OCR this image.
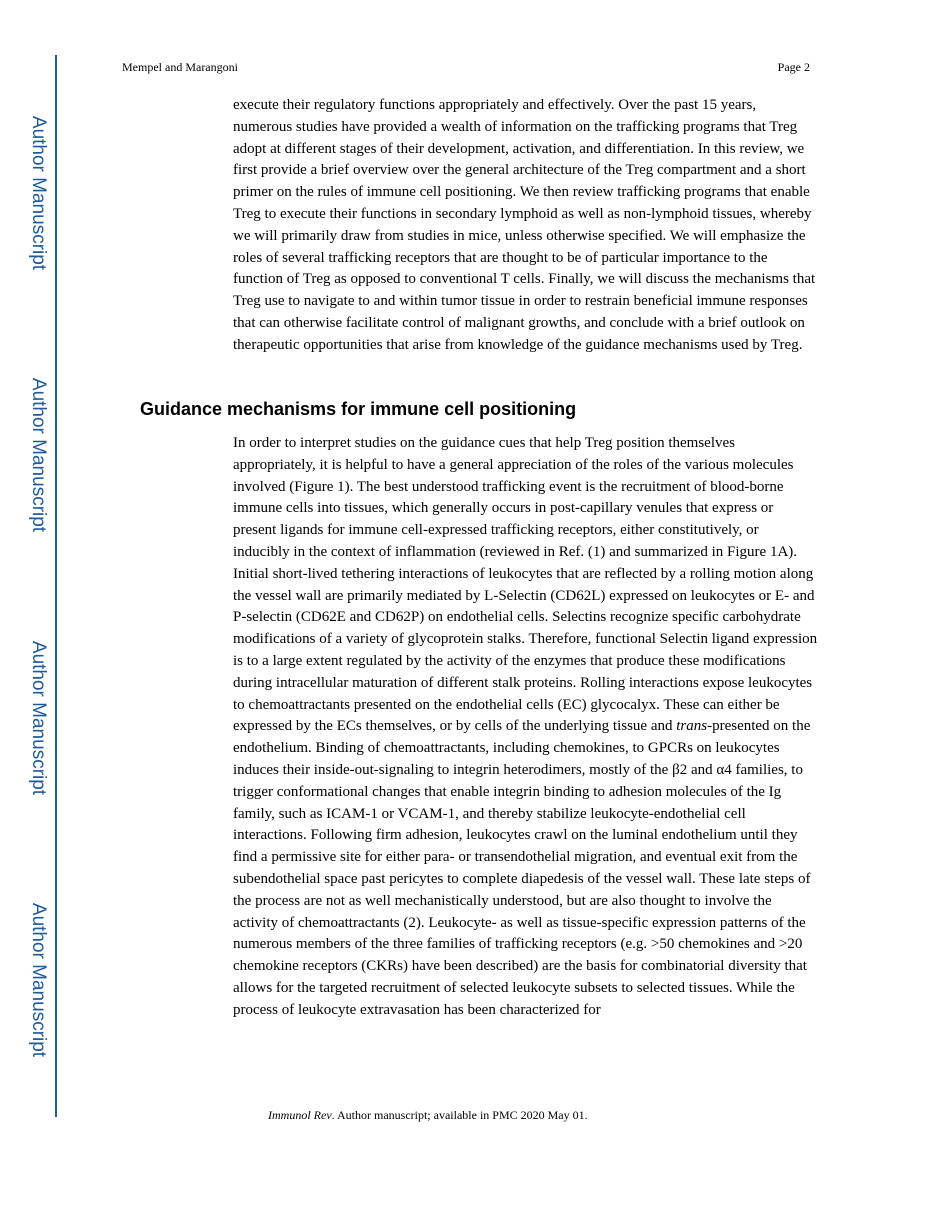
Author Manuscript
Author Manuscript
Author Manuscript
Author Manuscript
Mempel and Marangoni	Page 2

execute their regulatory functions appropriately and effectively. Over the past 15 years, numerous studies have provided a wealth of information on the trafficking programs that Treg adopt at different stages of their development, activation, and differentiation. In this review, we first provide a brief overview over the general architecture of the Treg compartment and a short primer on the rules of immune cell positioning. We then review trafficking programs that enable Treg to execute their functions in secondary lymphoid as well as non-lymphoid tissues, whereby we will primarily draw from studies in mice, unless otherwise specified. We will emphasize the roles of several trafficking receptors that are thought to be of particular importance to the function of Treg as opposed to conventional T cells. Finally, we will discuss the mechanisms that Treg use to navigate to and within tumor tissue in order to restrain beneficial immune responses that can otherwise facilitate control of malignant growths, and conclude with a brief outlook on therapeutic opportunities that arise from knowledge of the guidance mechanisms used by Treg.

Guidance mechanisms for immune cell positioning

In order to interpret studies on the guidance cues that help Treg position themselves appropriately, it is helpful to have a general appreciation of the roles of the various molecules involved (Figure 1). The best understood trafficking event is the recruitment of blood-borne immune cells into tissues, which generally occurs in post-capillary venules that express or present ligands for immune cell-expressed trafficking receptors, either constitutively, or inducibly in the context of inflammation (reviewed in Ref. (1) and summarized in Figure 1A). Initial short-lived tethering interactions of leukocytes that are reflected by a rolling motion along the vessel wall are primarily mediated by L-Selectin (CD62L) expressed on leukocytes or E- and P-selectin (CD62E and CD62P) on endothelial cells. Selectins recognize specific carbohydrate modifications of a variety of glycoprotein stalks. Therefore, functional Selectin ligand expression is to a large extent regulated by the activity of the enzymes that produce these modifications during intracellular maturation of different stalk proteins. Rolling interactions expose leukocytes to chemoattractants presented on the endothelial cells (EC) glycocalyx. These can either be expressed by the ECs themselves, or by cells of the underlying tissue and trans-presented on the endothelium. Binding of chemoattractants, including chemokines, to GPCRs on leukocytes induces their inside-out-signaling to integrin heterodimers, mostly of the β2 and α4 families, to trigger conformational changes that enable integrin binding to adhesion molecules of the Ig family, such as ICAM-1 or VCAM-1, and thereby stabilize leukocyte-endothelial cell interactions. Following firm adhesion, leukocytes crawl on the luminal endothelium until they find a permissive site for either para- or transendothelial migration, and eventual exit from the subendothelial space past pericytes to complete diapedesis of the vessel wall. These late steps of the process are not as well mechanistically understood, but are also thought to involve the activity of chemoattractants (2). Leukocyte- as well as tissue-specific expression patterns of the numerous members of the three families of trafficking receptors (e.g. >50 chemokines and >20 chemokine receptors (CKRs) have been described) are the basis for combinatorial diversity that allows for the targeted recruitment of selected leukocyte subsets to selected tissues. While the process of leukocyte extravasation has been characterized for

Immunol Rev. Author manuscript; available in PMC 2020 May 01.
